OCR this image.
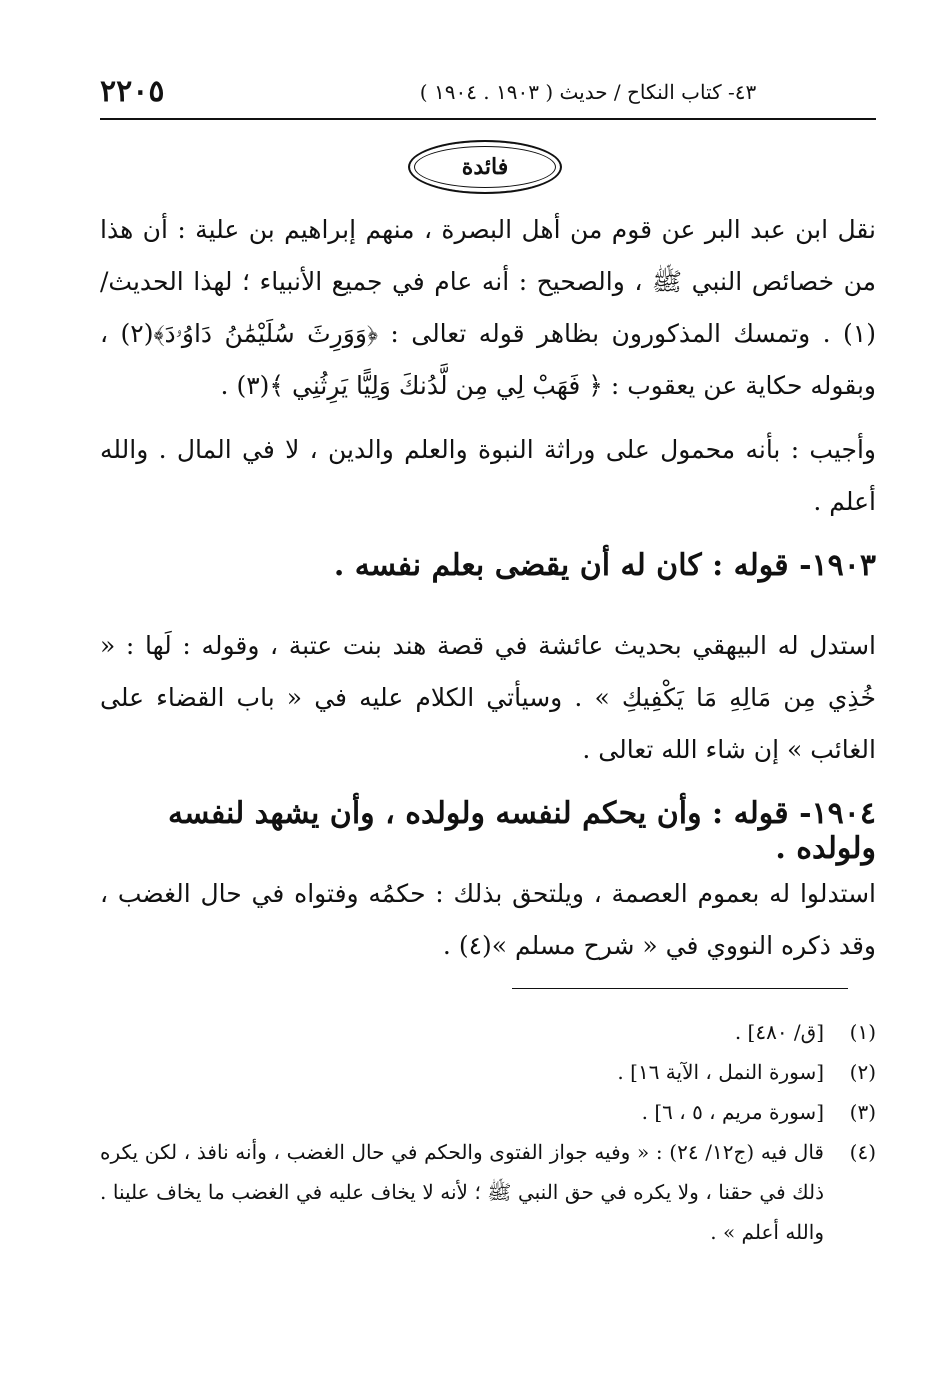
٤٣- كتاب النكاح / حديث ( ١٩٠٣ . ١٩٠٤ )
٢٢٠٥
فائدة
نقل ابن عبد البر عن قوم من أهل البصرة ، منهم إبراهيم بن علية : أن هذا من خصائص النبي ﷺ ، والصحيح : أنه عام في جميع الأنبياء ؛ لهذا الحديث/ (١) . وتمسك المذكورون بظاهر قوله تعالى : ﴿وَوَرِثَ سُلَيْمَٰنُ دَاوُۥدَ﴾(٢) ، وبقوله حكاية عن يعقوب : ﴿ فَهَبْ لِي مِن لَّدُنكَ وَلِيًّا يَرِثُنِي ﴾(٣) .
وأجيب : بأنه محمول على وراثة النبوة والعلم والدين ، لا في المال . والله أعلم .
١٩٠٣- قوله : كان له أن يقضى بعلم نفسه .
استدل له البيهقي بحديث عائشة في قصة هند بنت عتبة ، وقوله : لَها : « خُذِي مِن مَالِهِ مَا يَكْفِيكِ » . وسيأتي الكلام عليه في « باب القضاء على الغائب » إن شاء الله تعالى .
١٩٠٤- قوله : وأن يحكم لنفسه ولولده ، وأن يشهد لنفسه ولولده .
استدلوا له بعموم العصمة ، ويلتحق بذلك : حكمُه وفتواه في حال الغضب ، وقد ذكره النووي في « شرح مسلم »(٤) .
(١)
[ق/ ٤٨٠] .
(٢)
[سورة النمل ، الآية ١٦] .
(٣)
[سورة مريم ، ٥ ، ٦] .
(٤)
قال فيه (ج١٢/ ٢٤) : « وفيه جواز الفتوى والحكم في حال الغضب ، وأنه نافذ ، لكن يكره ذلك في حقنا ، ولا يكره في حق النبي ﷺ ؛ لأنه لا يخاف عليه في الغضب ما يخاف علينا . والله أعلم » .
